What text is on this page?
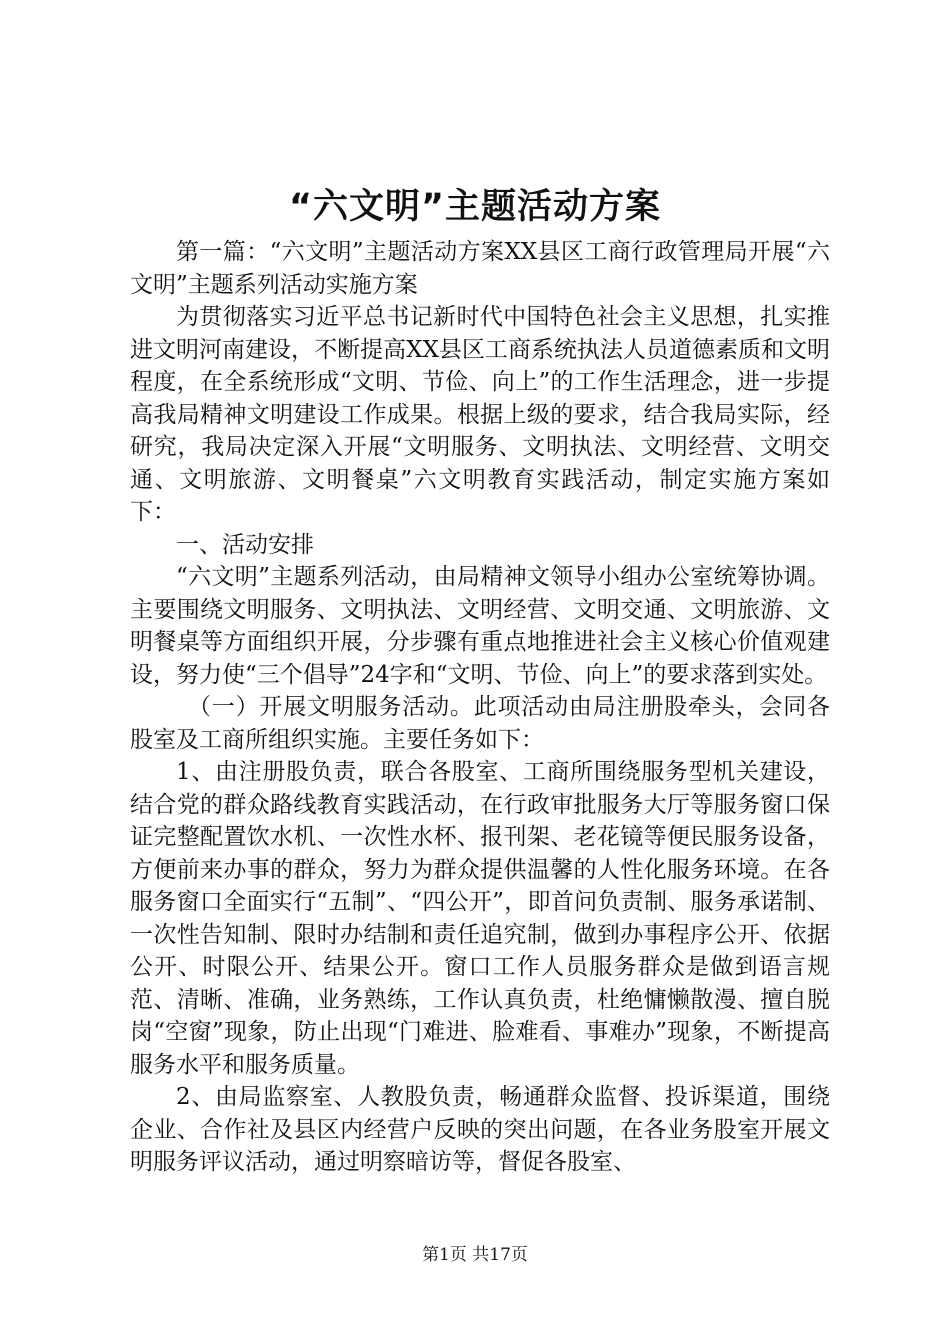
“六文明”主题活动方案

第一篇：“六文明”主题活动方案XX县区工商行政管理局开展“六文明”主题系列活动实施方案

为贯彻落实习近平总书记新时代中国特色社会主义思想，扎实推进文明河南建设，不断提高XX县区工商系统执法人员道德素质和文明程度，在全系统形成“文明、节俭、向上”的工作生活理念，进一步提高我局精神文明建设工作成果。根据上级的要求，结合我局实际，经研究，我局决定深入开展“文明服务、文明执法、文明经营、文明交通、文明旅游、文明餐桌”六文明教育实践活动，制定实施方案如下：

一、活动安排

“六文明”主题系列活动，由局精神文领导小组办公室统筹协调。主要围绕文明服务、文明执法、文明经营、文明交通、文明旅游、文明餐桌等方面组织开展，分步骤有重点地推进社会主义核心价值观建设，努力使“三个倡导”24字和“文明、节俭、向上”的要求落到实处。

（一）开展文明服务活动。此项活动由局注册股牵头，会同各股室及工商所组织实施。主要任务如下：

1、由注册股负责，联合各股室、工商所围绕服务型机关建设，结合党的群众路线教育实践活动，在行政审批服务大厅等服务窗口保证完整配置饮水机、一次性水杯、报刊架、老花镜等便民服务设备，方便前来办事的群众，努力为群众提供温馨的人性化服务环境。在各服务窗口全面实行“五制”、“四公开”，即首问负责制、服务承诺制、一次性告知制、限时办结制和责任追究制，做到办事程序公开、依据公开、时限公开、结果公开。窗口工作人员服务群众是做到语言规范、清晰、准确，业务熟练，工作认真负责，杜绝慵懒散漫、擅自脱岗“空窗”现象，防止出现“门难进、脸难看、事难办”现象，不断提高服务水平和服务质量。

2、由局监察室、人教股负责，畅通群众监督、投诉渠道，围绕企业、合作社及县区内经营户反映的突出问题，在各业务股室开展文明服务评议活动，通过明察暗访等，督促各股室、

第1页 共17页
